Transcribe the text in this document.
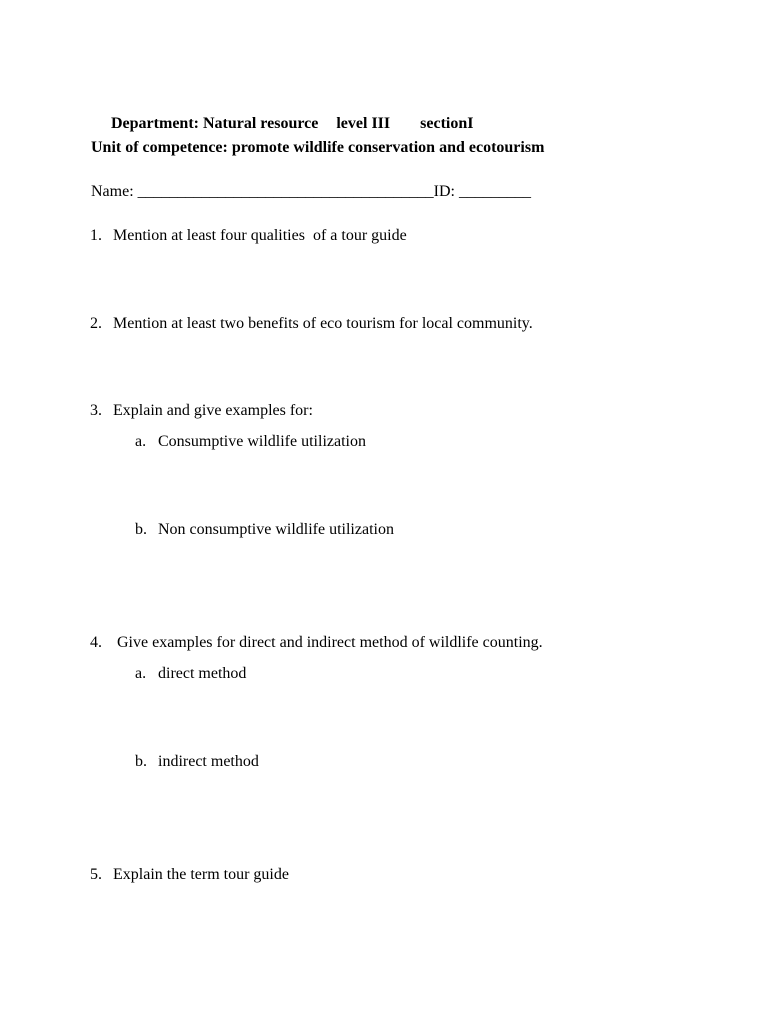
Department: Natural resource level III sectionI

Unit of competence: promote wildlife conservation and ecotourism
Name: _____________________________________ID: _________
1. Mention at least four qualities  of a tour guide
2. Mention at least two benefits of eco tourism for local community.
3. Explain and give examples for:
a. Consumptive wildlife utilization
b. Non consumptive wildlife utilization
4. Give examples for direct and indirect method of wildlife counting.
a. direct method
b. indirect method
5. Explain the term tour guide
